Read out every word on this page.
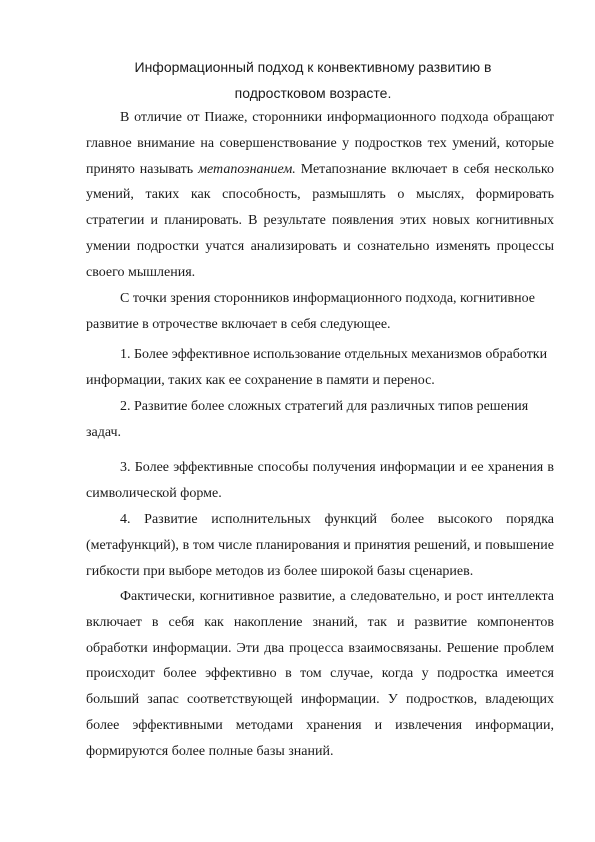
Информационный подход к конвективному развитию в
подростковом возрасте.

В отличие от Пиаже, сторонники информационного подхода обращают главное внимание на совершенствование у подростков тех умений, которые принято называть метапознанием. Метапознание включает в себя несколько умений, таких как способность, размышлять о мыслях, формировать стратегии и планировать. В результате появления этих новых когнитивных умении подростки учатся анализировать и сознательно изменять процессы своего мышления.

С точки зрения сторонников информационного подхода, когнитивное развитие в отрочестве включает в себя следующее.

1. Более эффективное использование отдельных механизмов обработки информации, таких как ее сохранение в памяти и перенос.

2. Развитие более сложных стратегий для различных типов решения задач.

3. Более эффективные способы получения информации и ее хранения в символической форме.

4. Развитие исполнительных функций более высокого порядка (метафункций), в том числе планирования и принятия решений, и повышение гибкости при выборе методов из более широкой базы сценариев.

Фактически, когнитивное развитие, а следовательно, и рост интеллекта включает в себя как накопление знаний, так и развитие компонентов обработки информации. Эти два процесса взаимосвязаны. Решение проблем происходит более эффективно в том случае, когда у подростка имеется больший запас соответствующей информации. У подростков, владеющих более эффективными методами хранения и извлечения информации, формируются более полные базы знаний.
